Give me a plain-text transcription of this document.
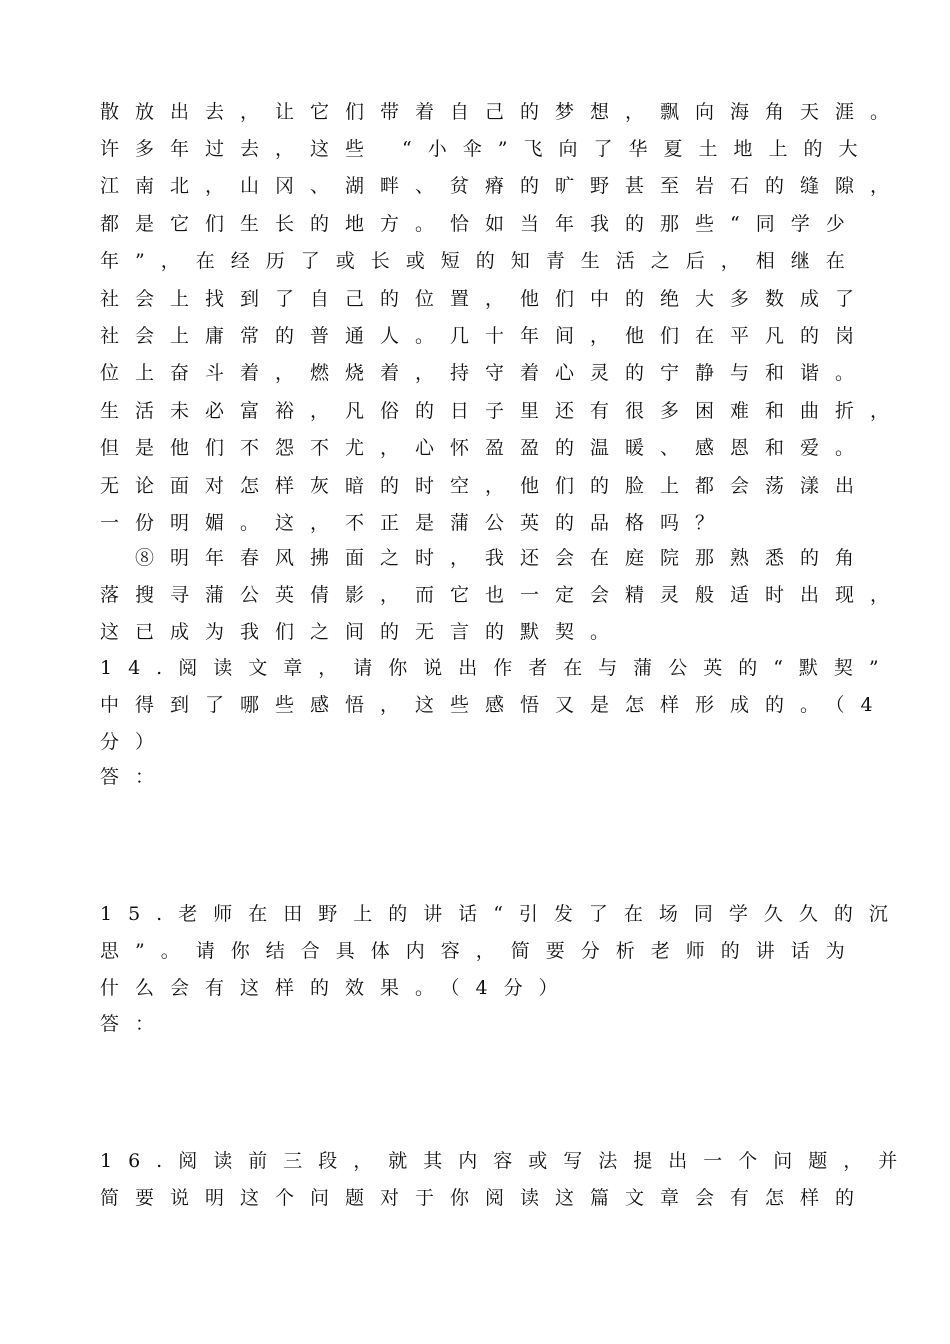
散放出去，让它们带着自己的梦想，飘向海角天涯。
许多年过去，这些 “小伞”飞向了华夏土地上的大
江南北，山冈、湖畔、贫瘠的旷野甚至岩石的缝隙，
都是它们生长的地方。恰如当年我的那些“同学少
年”，在经历了或长或短的知青生活之后，相继在
社会上找到了自己的位置，他们中的绝大多数成了
社会上庸常的普通人。几十年间，他们在平凡的岗
位上奋斗着，燃烧着，持守着心灵的宁静与和谐。
生活未必富裕，凡俗的日子里还有很多困难和曲折，
但是他们不怨不尤，心怀盈盈的温暖、感恩和爱。
无论面对怎样灰暗的时空，他们的脸上都会荡漾出
一份明媚。这，不正是蒲公英的品格吗？
　⑧明年春风拂面之时，我还会在庭院那熟悉的角
落搜寻蒲公英倩影，而它也一定会精灵般适时出现，
这已成为我们之间的无言的默契。
14.阅读文章，请你说出作者在与蒲公英的“默契”
中得到了哪些感悟，这些感悟又是怎样形成的。（4
分）
答：
15.老师在田野上的讲话“引发了在场同学久久的沉
思”。请你结合具体内容，简要分析老师的讲话为
什么会有这样的效果。（4分）
答：
16.阅读前三段，就其内容或写法提出一个问题，并
简要说明这个问题对于你阅读这篇文章会有怎样的
